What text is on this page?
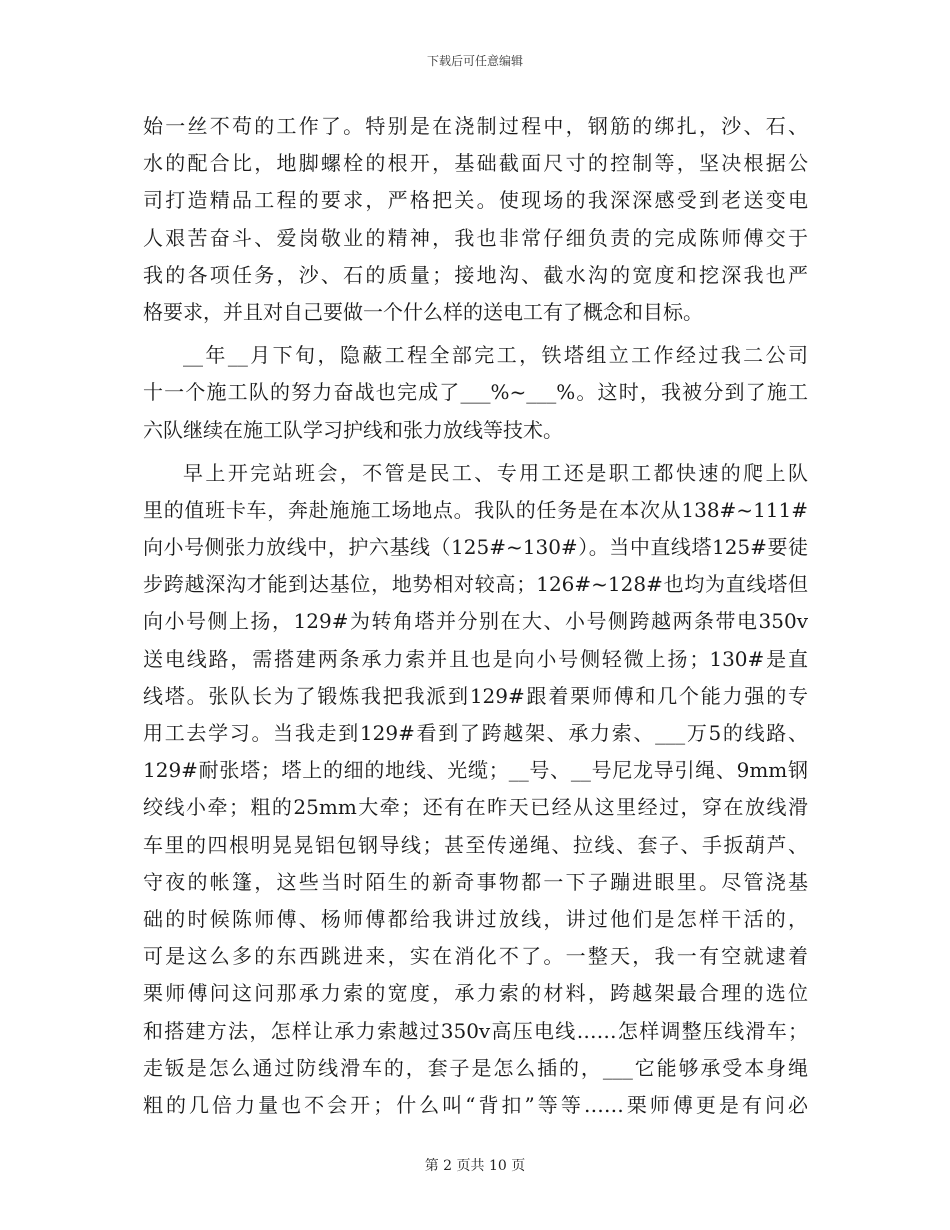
下载后可任意编辑
始一丝不苟的工作了。特别是在浇制过程中，钢筋的绑扎，沙、石、
水的配合比，地脚螺栓的根开，基础截面尺寸的控制等，坚决根据公
司打造精品工程的要求，严格把关。使现场的我深深感受到老送变电
人艰苦奋斗、爱岗敬业的精神，我也非常仔细负责的完成陈师傅交于
我的各项任务，沙、石的质量；接地沟、截水沟的宽度和挖深我也严
格要求，并且对自己要做一个什么样的送电工有了概念和目标。
__年__月下旬，隐蔽工程全部完工，铁塔组立工作经过我二公司
十一个施工队的努力奋战也完成了___%~___%。这时，我被分到了施工
六队继续在施工队学习护线和张力放线等技术。
早上开完站班会，不管是民工、专用工还是职工都快速的爬上队
里的值班卡车，奔赴施施工场地点。我队的任务是在本次从138#~111#
向小号侧张力放线中，护六基线（125#~130#）。当中直线塔125#要徒
步跨越深沟才能到达基位，地势相对较高；126#~128#也均为直线塔但
向小号侧上扬，129#为转角塔并分别在大、小号侧跨越两条带电350v
送电线路，需搭建两条承力索并且也是向小号侧轻微上扬；130#是直
线塔。张队长为了锻炼我把我派到129#跟着栗师傅和几个能力强的专
用工去学习。当我走到129#看到了跨越架、承力索、___万5的线路、
129#耐张塔；塔上的细的地线、光缆；__号、__号尼龙导引绳、9mm钢
绞线小牵；粗的25mm大牵；还有在昨天已经从这里经过，穿在放线滑
车里的四根明晃晃铝包钢导线；甚至传递绳、拉线、套子、手扳葫芦、
守夜的帐篷，这些当时陌生的新奇事物都一下子蹦进眼里。尽管浇基
础的时候陈师傅、杨师傅都给我讲过放线，讲过他们是怎样干活的，
可是这么多的东西跳进来，实在消化不了。一整天，我一有空就逮着
栗师傅问这问那承力索的宽度，承力索的材料，跨越架最合理的选位
和搭建方法，怎样让承力索越过350v高压电线……怎样调整压线滑车；
走钣是怎么通过防线滑车的，套子是怎么插的，___它能够承受本身绳
粗的几倍力量也不会开；什么叫“背扣”等等……栗师傅更是有问必
第 2 页共 10 页
